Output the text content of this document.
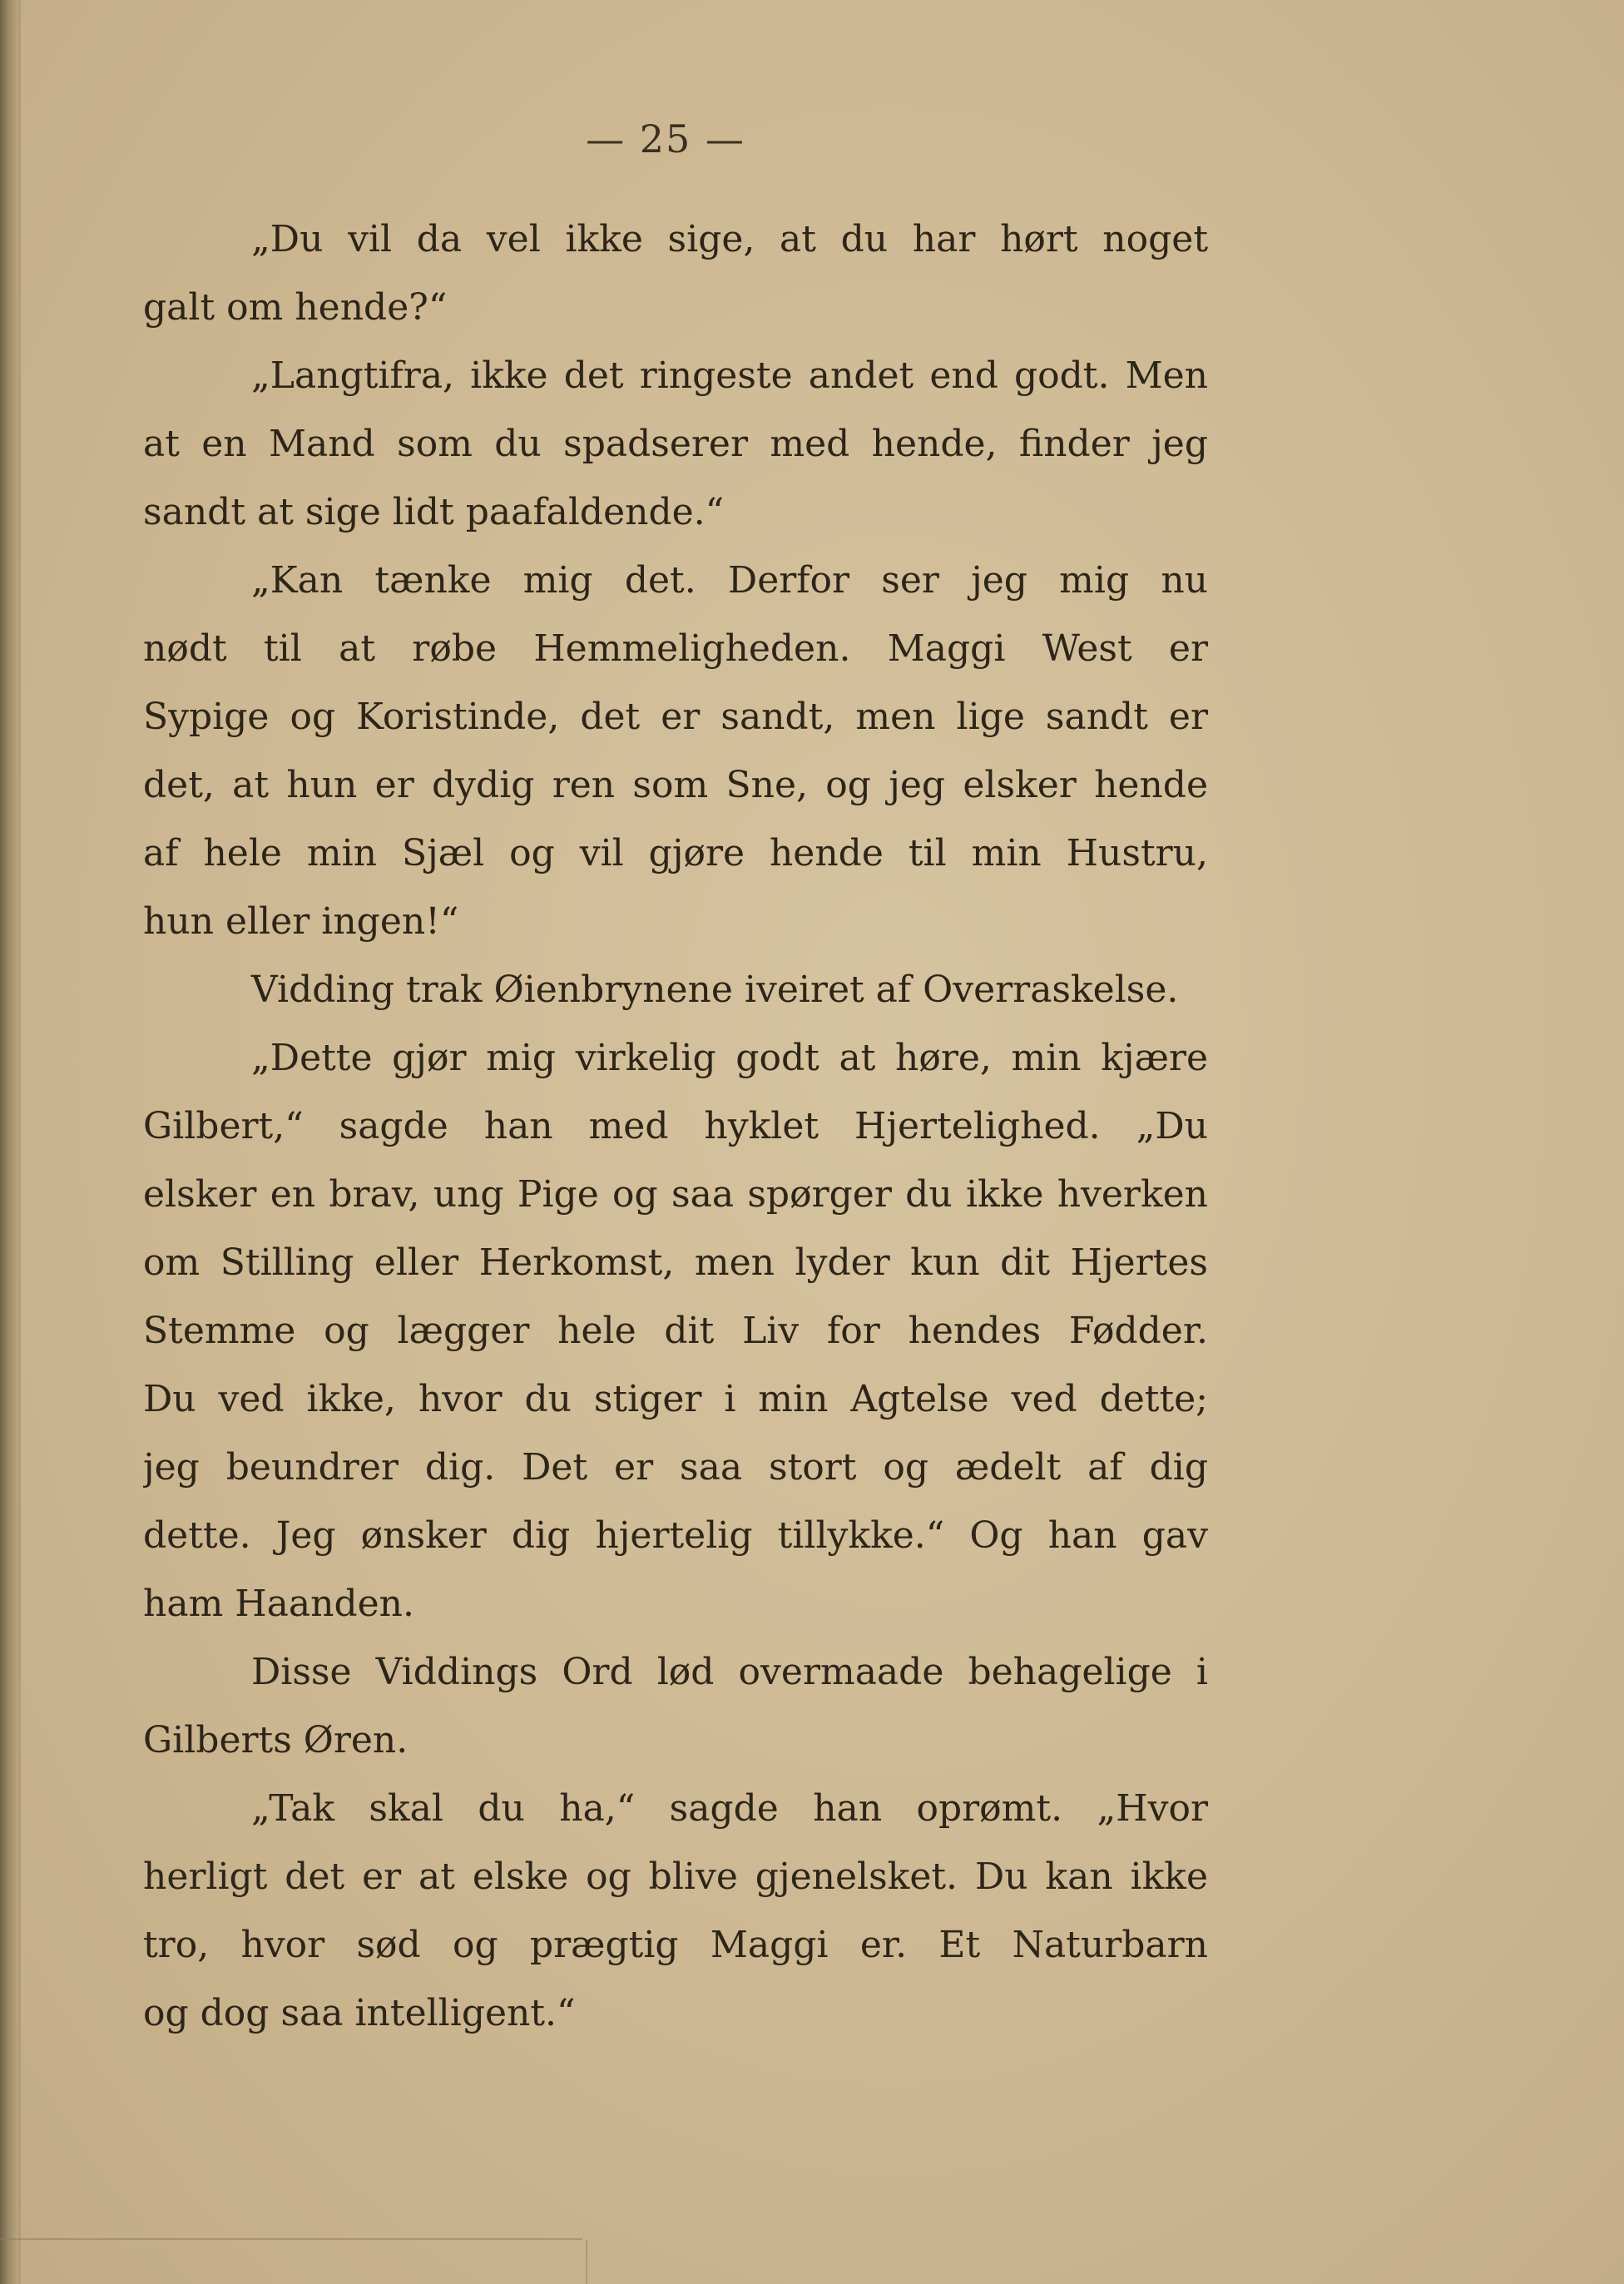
— 25 —
„Du vil da vel ikke sige, at du har hørt noget
galt om hende?“
„Langtifra, ikke det ringeste andet end godt. Men
at en Mand som du spadserer med hende, finder jeg
sandt at sige lidt paafaldende.“
„Kan tænke mig det. Derfor ser jeg mig nu
nødt til at røbe Hemmeligheden. Maggi West er
Sypige og Koristinde, det er sandt, men lige sandt er
det, at hun er dydig ren som Sne, og jeg elsker hende
af hele min Sjæl og vil gjøre hende til min Hustru,
hun eller ingen!“
Vidding trak Øienbrynene iveiret af Overraskelse.
„Dette gjør mig virkelig godt at høre, min kjære
Gilbert,“ sagde han med hyklet Hjertelighed. „Du
elsker en brav, ung Pige og saa spørger du ikke hverken
om Stilling eller Herkomst, men lyder kun dit Hjertes
Stemme og lægger hele dit Liv for hendes Fødder.
Du ved ikke, hvor du stiger i min Agtelse ved dette;
jeg beundrer dig. Det er saa stort og ædelt af dig
dette. Jeg ønsker dig hjertelig tillykke.“ Og han gav
ham Haanden.
Disse Viddings Ord lød overmaade behagelige i
Gilberts Øren.
„Tak skal du ha,“ sagde han oprømt. „Hvor
herligt det er at elske og blive gjenelsket. Du kan ikke
tro, hvor sød og prægtig Maggi er. Et Naturbarn
og dog saa intelligent.“
